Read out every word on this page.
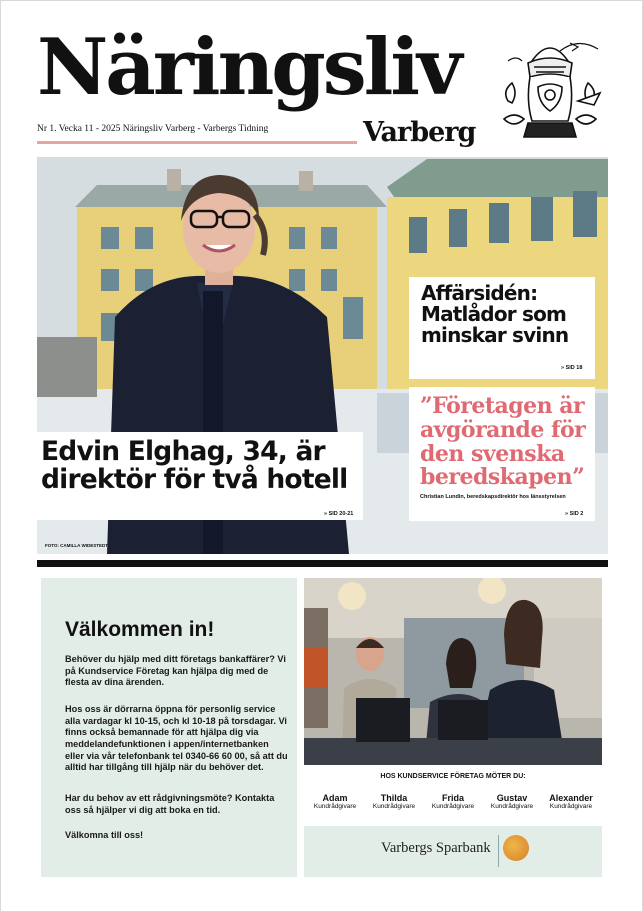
Näringsliv
Varberg
Nr 1. Vecka 11 - 2025 Näringsliv Varberg - Varbergs Tidning
Edvin Elghag, 34, är
direktör för två hotell
» SID 20-21
Affärsidén:
Matlådor som
minskar svinn
» SID 18
”Företagen är
avgörande för
den svenska
beredskapen”
Christian Lundin, beredskapsdirektör hos länsstyrelsen
» SID 2
FOTO: CAMILLA WIDESTEDT
Välkommen in!
Behöver du hjälp med ditt företags bankaffärer? Vi på Kundservice Företag kan hjälpa dig med de flesta av dina ärenden.
Hos oss är dörrarna öppna för personlig service alla vardagar kl 10-15, och kl 10-18 på torsdagar. Vi finns också bemannade för att hjälpa dig via meddelandefunktionen i appen/internetbanken eller via vår telefonbank tel 0340-66 60 00, så att du alltid har tillgång till hjälp när du behöver det.
Har du behov av ett rådgivningsmöte? Kontakta oss så hjälper vi dig att boka en tid.
Välkomna till oss!
HOS KUNDSERVICE FÖRETAG MÖTER DU:
Adam
Kundrådgivare
Thilda
Kundrådgivare
Frida
Kundrådgivare
Gustav
Kundrådgivare
Alexander
Kundrådgivare
Varbergs Sparbank
